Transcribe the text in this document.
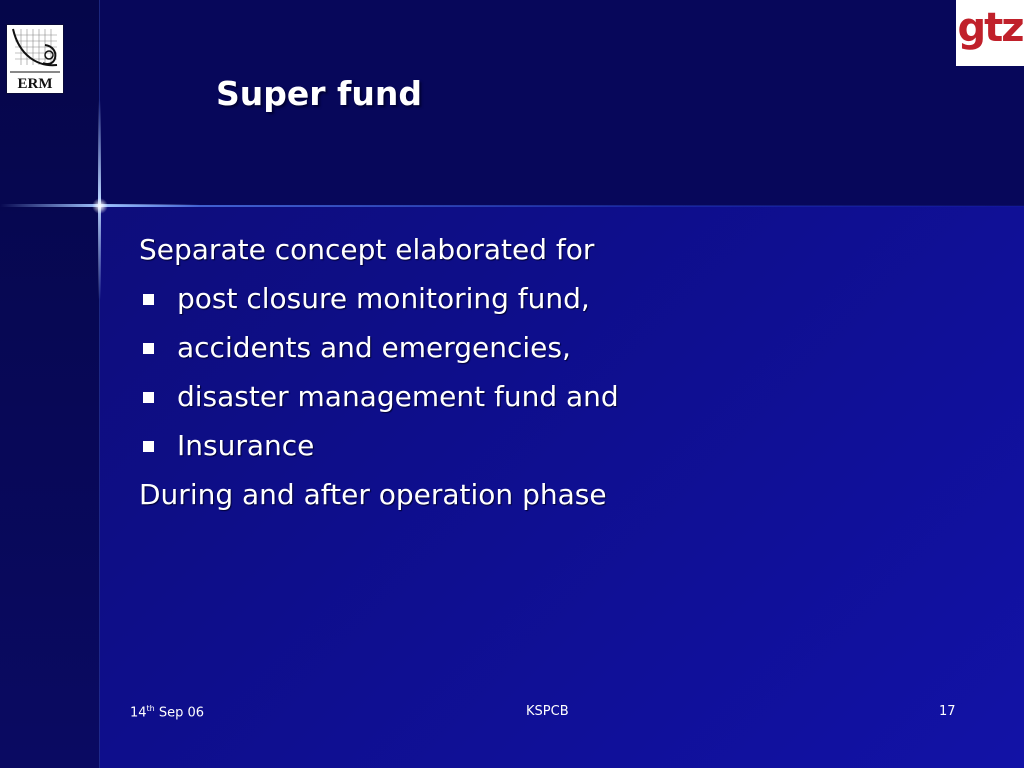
ERM
gtz
Super fund
Separate concept elaborated for
post closure monitoring fund,
accidents and emergencies,
disaster management fund and
Insurance
During and after operation phase
14th Sep 06	KSPCB	17
